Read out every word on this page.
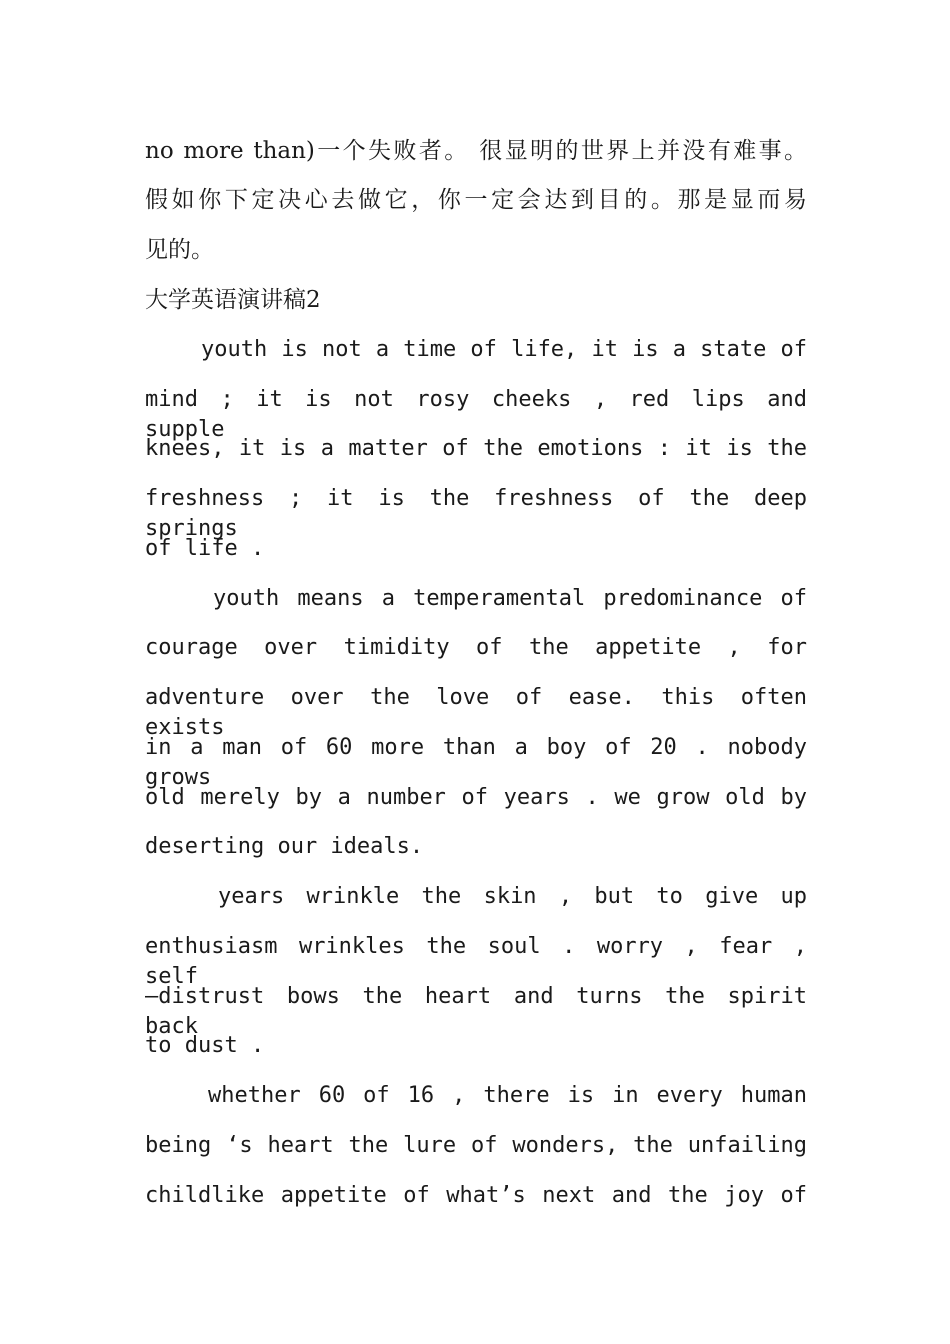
no more than)一个失败者。 很显明的世界上并没有难事。
假如你下定决心去做它，你一定会达到目的。那是显而易
见的。
大学英语演讲稿2
youth is not a time of life, it is a state of
mind ; it is not rosy cheeks , red lips and supple
knees, it is a matter of the emotions : it is the
freshness ; it is the freshness of the deep springs
of life .
youth means a temperamental predominance of
courage over timidity of the appetite , for
adventure over the love of ease. this often exists
in a man of 60 more than a boy of 20 . nobody grows
old merely by a number of years . we grow old by
deserting our ideals.
years wrinkle the skin , but to give up
enthusiasm wrinkles the soul . worry , fear , self
–distrust bows the heart and turns the spirit back
to dust .
whether 60 of 16 , there is in every human
being ‘s heart the lure of wonders, the unfailing
childlike appetite of what’s next and the joy of
